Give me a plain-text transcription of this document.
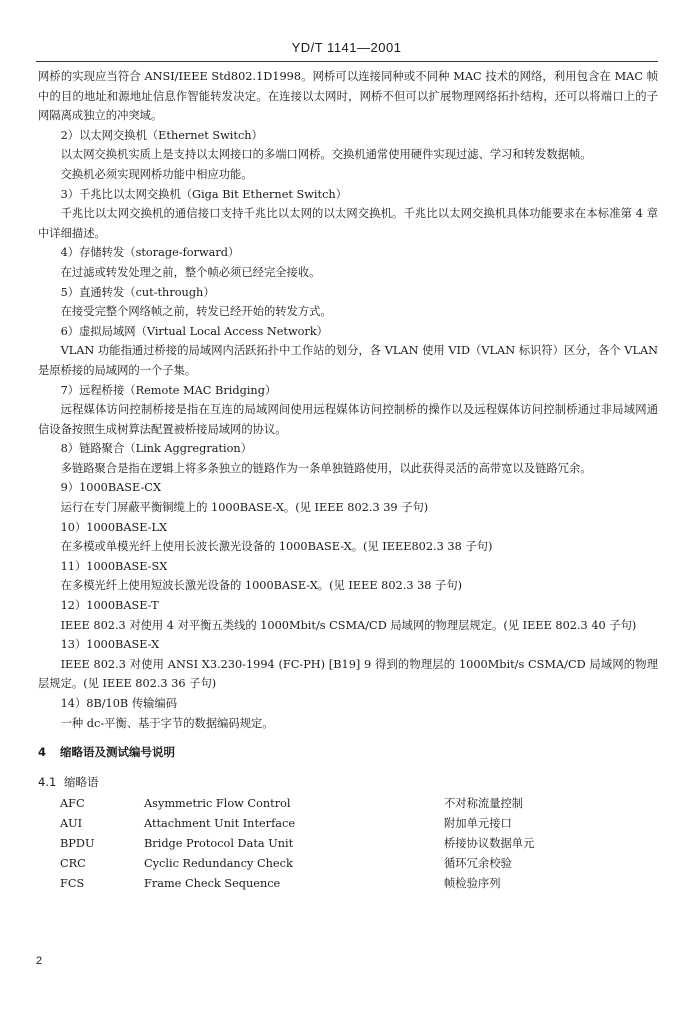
YD/T 1141—2001

网桥的实现应当符合 ANSI/IEEE Std802.1D1998。网桥可以连接同种或不同种 MAC 技术的网络，利用包含在 MAC 帧中的目的地址和源地址信息作智能转发决定。在连接以太网时，网桥不但可以扩展物理网络拓扑结构，还可以将端口上的子网隔离成独立的冲突域。

2）以太网交换机（Ethernet Switch）

以太网交换机实质上是支持以太网接口的多端口网桥。交换机通常使用硬件实现过滤、学习和转发数据帧。

交换机必须实现网桥功能中相应功能。

3）千兆比以太网交换机（Giga Bit Ethernet Switch）

千兆比以太网交换机的通信接口支持千兆比以太网的以太网交换机。千兆比以太网交换机具体功能要求在本标准第 4 章中详细描述。

4）存储转发（storage-forward）

在过滤或转发处理之前，整个帧必须已经完全接收。

5）直通转发（cut-through）

在接受完整个网络帧之前，转发已经开始的转发方式。

6）虚拟局域网（Virtual Local Access Network）

VLAN 功能指通过桥接的局域网内活跃拓扑中工作站的划分，各 VLAN 使用 VID（VLAN 标识符）区分，各个 VLAN 是原桥接的局域网的一个子集。

7）远程桥接（Remote MAC Bridging）

远程媒体访问控制桥接是指在互连的局域网间使用远程媒体访问控制桥的操作以及远程媒体访问控制桥通过非局域网通信设备按照生成树算法配置被桥接局域网的协议。

8）链路聚合（Link Aggregration）

多链路聚合是指在逻辑上将多条独立的链路作为一条单独链路使用，以此获得灵活的高带宽以及链路冗余。

9）1000BASE-CX

运行在专门屏蔽平衡铜缆上的 1000BASE-X。(见 IEEE 802.3 39 子句)

10）1000BASE-LX

在多模或单模光纤上使用长波长激光设备的 1000BASE-X。(见 IEEE802.3 38 子句)

11）1000BASE-SX

在多模光纤上使用短波长激光设备的 1000BASE-X。(见 IEEE 802.3 38 子句)

12）1000BASE-T

IEEE 802.3 对使用 4 对平衡五类线的 1000Mbit/s CSMA/CD 局域网的物理层规定。(见 IEEE 802.3 40 子句)

13）1000BASE-X

IEEE 802.3 对使用 ANSI X3.230-1994 (FC-PH) [B19] 9 得到的物理层的 1000Mbit/s CSMA/CD 局域网的物理层规定。(见 IEEE 802.3 36 子句)

14）8B/10B 传输编码

一种 dc-平衡、基于字节的数据编码规定。

4 缩略语及测试编号说明

4.1 缩略语

AFC	Asymmetric Flow Control	不对称流量控制
AUI	Attachment Unit Interface	附加单元接口
BPDU	Bridge Protocol Data Unit	桥接协议数据单元
CRC	Cyclic Redundancy Check	循环冗余校验
FCS	Frame Check Sequence	帧检验序列
2
